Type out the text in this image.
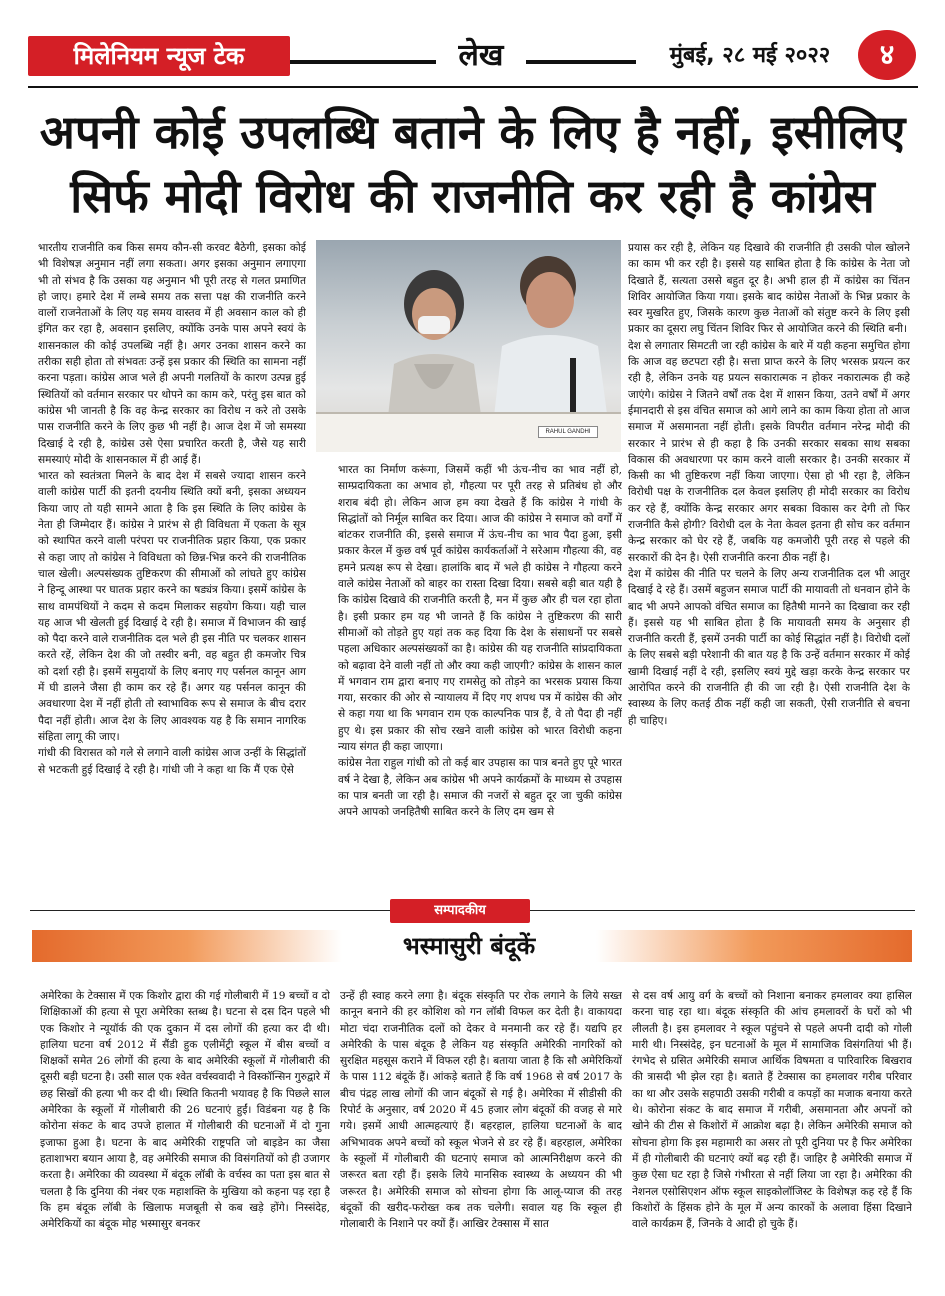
मिलेनियम न्यूज टेक	लेख	मुंबई, २८ मई २०२२	४
अपनी कोई उपलब्धि बताने के लिए है नहीं, इसीलिए
सिर्फ मोदी विरोध की राजनीति कर रही है कांग्रेस

भारतीय राजनीति कब किस समय कौन-सी करवट बैठेगी, इसका कोई भी विशेषज्ञ अनुमान नहीं लगा सकता। अगर इसका अनुमान लगाएगा भी तो संभव है कि उसका यह अनुमान भी पूरी तरह से गलत प्रमाणित हो जाए। हमारे देश में लम्बे समय तक सत्ता पक्ष की राजनीति करने वालों राजनेताओं के लिए यह समय वास्तव में ही अवसान काल को ही इंगित कर रहा है, अवसान इसलिए, क्योंकि उनके पास अपने स्वयं के शासनकाल की कोई उपलब्धि नहीं है। अगर उनका शासन करने का तरीका सही होता तो संभवतः उन्हें इस प्रकार की स्थिति का सामना नहीं करना पड़ता। कांग्रेस आज भले ही अपनी गलतियों के कारण उत्पन्न हुई स्थितियों को वर्तमान सरकार पर थोपने का काम करे, परंतु इस बात को कांग्रेस भी जानती है कि वह केन्द्र सरकार का विरोध न करे तो उसके पास राजनीति करने के लिए कुछ भी नहीं है। आज देश में जो समस्या दिखाई दे रही है, कांग्रेस उसे ऐसा प्रचारित करती है, जैसे यह सारी समस्याएं मोदी के शासनकाल में ही आई हैं।

भारत को स्वतंत्रता मिलने के बाद देश में सबसे ज्यादा शासन करने वाली कांग्रेस पार्टी की इतनी दयनीय स्थिति क्यों बनी, इसका अध्ययन किया जाए तो यही सामने आता है कि इस स्थिति के लिए कांग्रेस के नेता ही जिम्मेदार हैं। कांग्रेस ने प्रारंभ से ही विविधता में एकता के सूत्र को स्थापित करने वाली परंपरा पर राजनीतिक प्रहार किया, एक प्रकार से कहा जाए तो कांग्रेस ने विविधता को छिन्न-भिन्न करने की राजनीतिक चाल खेली। अल्पसंख्यक तुष्टिकरण की सीमाओं को लांघते हुए कांग्रेस ने हिन्दू आस्था पर घातक प्रहार करने का षड्यंत्र किया। इसमें कांग्रेस के साथ वामपंथियों ने कदम से कदम मिलाकर सहयोग किया। यही चाल यह आज भी खेलती हुई दिखाई दे रही है। समाज में विभाजन की खाई को पैदा करने वाले राजनीतिक दल भले ही इस नीति पर चलकर शासन करते रहें, लेकिन देश की जो तस्वीर बनी, वह बहुत ही कमजोर चित्र को दर्शा रही है। इसमें समुदायों के लिए बनाए गए पर्सनल कानून आग में घी डालने जैसा ही काम कर रहे हैं। अगर यह पर्सनल कानून की अवधारणा देश में नहीं होती तो स्वाभाविक रूप से समाज के बीच दरार पैदा नहीं होती। आज देश के लिए आवश्यक यह है कि समान नागरिक संहिता लागू की जाए।

गांधी की विरासत को गले से लगाने वाली कांग्रेस आज उन्हीं के सिद्धांतों से भटकती हुई दिखाई दे रही है। गांधी जी ने कहा था कि मैं एक ऐसे

RAHUL GANDHI

भारत का निर्माण करूंगा, जिसमें कहीं भी ऊंच-नीच का भाव नहीं हो, साम्प्रदायिकता का अभाव हो, गौहत्या पर पूरी तरह से प्रतिबंध हो और शराब बंदी हो। लेकिन आज हम क्या देखते हैं कि कांग्रेस ने गांधी के सिद्धांतों को निर्मूल साबित कर दिया। आज की कांग्रेस ने समाज को वर्गों में बांटकर राजनीति की, इससे समाज में ऊंच-नीच का भाव पैदा हुआ, इसी प्रकार केरल में कुछ वर्ष पूर्व कांग्रेस कार्यकर्ताओं ने सरेआम गौहत्या की, वह हमने प्रत्यक्ष रूप से देखा। हालांकि बाद में भले ही कांग्रेस ने गौहत्या करने वाले कांग्रेस नेताओं को बाहर का रास्ता दिखा दिया। सबसे बड़ी बात यही है कि कांग्रेस दिखावे की राजनीति करती है, मन में कुछ और ही चल रहा होता है। इसी प्रकार हम यह भी जानते हैं कि कांग्रेस ने तुष्टिकरण की सारी सीमाओं को तोड़ते हुए यहां तक कह दिया कि देश के संसाधनों पर सबसे पहला अधिकार अल्पसंख्यकों का है। कांग्रेस की यह राजनीति सांप्रदायिकता को बढ़ावा देने वाली नहीं तो और क्या कही जाएगी? कांग्रेस के शासन काल में भगवान राम द्वारा बनाए गए रामसेतु को तोड़ने का भरसक प्रयास किया गया, सरकार की ओर से न्यायालय में दिए गए शपथ पत्र में कांग्रेस की ओर से कहा गया था कि भगवान राम एक काल्पनिक पात्र हैं, वे तो पैदा ही नहीं हुए थे। इस प्रकार की सोच रखने वाली कांग्रेस को भारत विरोधी कहना न्याय संगत ही कहा जाएगा।

कांग्रेस नेता राहुल गांधी को तो कई बार उपहास का पात्र बनते हुए पूरे भारत वर्ष ने देखा है, लेकिन अब कांग्रेस भी अपने कार्यक्रमों के माध्यम से उपहास का पात्र बनती जा रही है। समाज की नजरों से बहुत दूर जा चुकी कांग्रेस अपने आपको जनहितैषी साबित करने के लिए दम खम से

प्रयास कर रही है, लेकिन यह दिखावे की राजनीति ही उसकी पोल खोलने का काम भी कर रही है। इससे यह साबित होता है कि कांग्रेस के नेता जो दिखाते हैं, सत्यता उससे बहुत दूर है। अभी हाल ही में कांग्रेस का चिंतन शिविर आयोजित किया गया। इसके बाद कांग्रेस नेताओं के भिन्न प्रकार के स्वर मुखरित हुए, जिसके कारण कुछ नेताओं को संतुष्ट करने के लिए इसी प्रकार का दूसरा लघु चिंतन शिविर फिर से आयोजित करने की स्थिति बनी।

देश से लगातार सिमटती जा रही कांग्रेस के बारे में यही कहना समुचित होगा कि आज वह छटपटा रही है। सत्ता प्राप्त करने के लिए भरसक प्रयत्न कर रही है, लेकिन उनके यह प्रयत्न सकारात्मक न होकर नकारात्मक ही कहे जाएंगे। कांग्रेस ने जितने वर्षों तक देश में शासन किया, उतने वर्षों में अगर ईमानदारी से इस वंचित समाज को आगे लाने का काम किया होता तो आज समाज में असमानता नहीं होती। इसके विपरीत वर्तमान नरेन्द्र मोदी की सरकार ने प्रारंभ से ही कहा है कि उनकी सरकार सबका साथ सबका विकास की अवधारणा पर काम करने वाली सरकार है। उनकी सरकार में किसी का भी तुष्टिकरण नहीं किया जाएगा। ऐसा हो भी रहा है, लेकिन विरोधी पक्ष के राजनीतिक दल केवल इसलिए ही मोदी सरकार का विरोध कर रहे हैं, क्योंकि केन्द्र सरकार अगर सबका विकास कर देगी तो फिर राजनीति कैसे होगी? विरोधी दल के नेता केवल इतना ही सोच कर वर्तमान केन्द्र सरकार को घेर रहे हैं, जबकि यह कमजोरी पूरी तरह से पहले की सरकारों की देन है। ऐसी राजनीति करना ठीक नहीं है।

देश में कांग्रेस की नीति पर चलने के लिए अन्य राजनीतिक दल भी आतुर दिखाई दे रहे हैं। उसमें बहुजन समाज पार्टी की मायावती तो धनवान होने के बाद भी अपने आपको वंचित समाज का हितैषी मानने का दिखावा कर रही हैं। इससे यह भी साबित होता है कि मायावती समय के अनुसार ही राजनीति करती हैं, इसमें उनकी पार्टी का कोई सिद्धांत नहीं है। विरोधी दलों के लिए सबसे बड़ी परेशानी की बात यह है कि उन्हें वर्तमान सरकार में कोई खामी दिखाई नहीं दे रही, इसलिए स्वयं मुद्दे खड़ा करके केन्द्र सरकार पर आरोपित करने की राजनीति ही की जा रही है। ऐसी राजनीति देश के स्वास्थ्य के लिए कतई ठीक नहीं कही जा सकती, ऐसी राजनीति से बचना ही चाहिए।

सम्पादकीय
भस्मासुरी बंदूकें
अमेरिका के टेक्सास में एक किशोर द्वारा की गई गोलीबारी में 19 बच्चों व दो शिक्षिकाओं की हत्या से पूरा अमेरिका स्तब्ध है। घटना से दस दिन पहले भी एक किशोर ने न्यूयॉर्क की एक दुकान में दस लोगों की हत्या कर दी थी। हालिया घटना वर्ष 2012 में सैंडी हुक एलीमेंट्री स्कूल में बीस बच्चों व शिक्षकों समेत 26 लोगों की हत्या के बाद अमेरिकी स्कूलों में गोलीबारी की दूसरी बड़ी घटना है। उसी साल एक श्वेत वर्चस्ववादी ने विस्कॉन्सिन गुरुद्वारे में छह सिखों की हत्या भी कर दी थी। स्थिति कितनी भयावह है कि पिछले साल अमेरिका के स्कूलों में गोलीबारी की 26 घटनाएं हुईं। विडंबना यह है कि कोरोना संकट के बाद उपजे हालात में गोलीबारी की घटनाओं में दो गुना इजाफा हुआ है। घटना के बाद अमेरिकी राष्ट्रपति जो बाइडेन का जैसा हताशाभरा बयान आया है, वह अमेरिकी समाज की विसंगतियों को ही उजागर करता है। अमेरिका की व्यवस्था में बंदूक लॉबी के वर्चस्व का पता इस बात से चलता है कि दुनिया की नंबर एक महाशक्ति के मुखिया को कहना पड़ रहा है कि हम बंदूक लॉबी के खिलाफ मजबूती से कब खड़े होंगे। निस्संदेह, अमेरिकियों का बंदूक मोह भस्मासुर बनकर
उन्हें ही स्वाह करने लगा है। बंदूक संस्कृति पर रोक लगाने के लिये सख्त कानून बनाने की हर कोशिश को गन लॉबी विफल कर देती है। वाकायदा मोटा चंदा राजनीतिक दलों को देकर वे मनमानी कर रहे हैं। यद्यपि हर अमेरिकी के पास बंदूक है लेकिन यह संस्कृति अमेरिकी नागरिकों को सुरक्षित महसूस कराने में विफल रही है। बताया जाता है कि सौ अमेरिकियों के पास 112 बंदूकें हैं। आंकड़े बताते हैं कि वर्ष 1968 से वर्ष 2017 के बीच पंद्रह लाख लोगों की जान बंदूकों से गई है। अमेरिका में सीडीसी की रिपोर्ट के अनुसार, वर्ष 2020 में 45 हजार लोग बंदूकों की वजह से मारे गये। इसमें आधी आत्महत्याएं हैं। बहरहाल, हालिया घटनाओं के बाद अभिभावक अपने बच्चों को स्कूल भेजने से डर रहे हैं। बहरहाल, अमेरिका के स्कूलों में गोलीबारी की घटनाएं समाज को आत्मनिरीक्षण करने की जरूरत बता रही हैं। इसके लिये मानसिक स्वास्थ्य के अध्ययन की भी जरूरत है। अमेरिकी समाज को सोचना होगा कि आलू-प्याज की तरह बंदूकों की खरीद-फरोख्त कब तक चलेगी। सवाल यह कि स्कूल ही गोलाबारी के निशाने पर क्यों हैं। आखिर टेक्सास में सात
से दस वर्ष आयु वर्ग के बच्चों को निशाना बनाकर हमलावर क्या हासिल करना चाह रहा था। बंदूक संस्कृति की आंच हमलावरों के घरों को भी लीलती है। इस हमलावर ने स्कूल पहुंचने से पहले अपनी दादी को गोली मारी थी। निस्संदेह, इन घटनाओं के मूल में सामाजिक विसंगतियां भी हैं। रंगभेद से ग्रसित अमेरिकी समाज आर्थिक विषमता व पारिवारिक बिखराव की त्रासदी भी झेल रहा है। बताते हैं टेक्सास का हमलावर गरीब परिवार का था और उसके सहपाठी उसकी गरीबी व कपड़ों का मजाक बनाया करते थे। कोरोना संकट के बाद समाज में गरीबी, असमानता और अपनों को खोने की टीस से किशोरों में आक्रोश बढ़ा है। लेकिन अमेरिकी समाज को सोचना होगा कि इस महामारी का असर तो पूरी दुनिया पर है फिर अमेरिका में ही गोलीबारी की घटनाएं क्यों बढ़ रही हैं। जाहिर है अमेरिकी समाज में कुछ ऐसा घट रहा है जिसे गंभीरता से नहीं लिया जा रहा है। अमेरिका की नेशनल एसोसिएशन ऑफ स्कूल साइकोलॉजिस्ट के विशेषज्ञ कह रहे हैं कि किशोरों के हिंसक होने के मूल में अन्य कारकों के अलावा हिंसा दिखाने वाले कार्यक्रम हैं, जिनके वे आदी हो चुके हैं।
